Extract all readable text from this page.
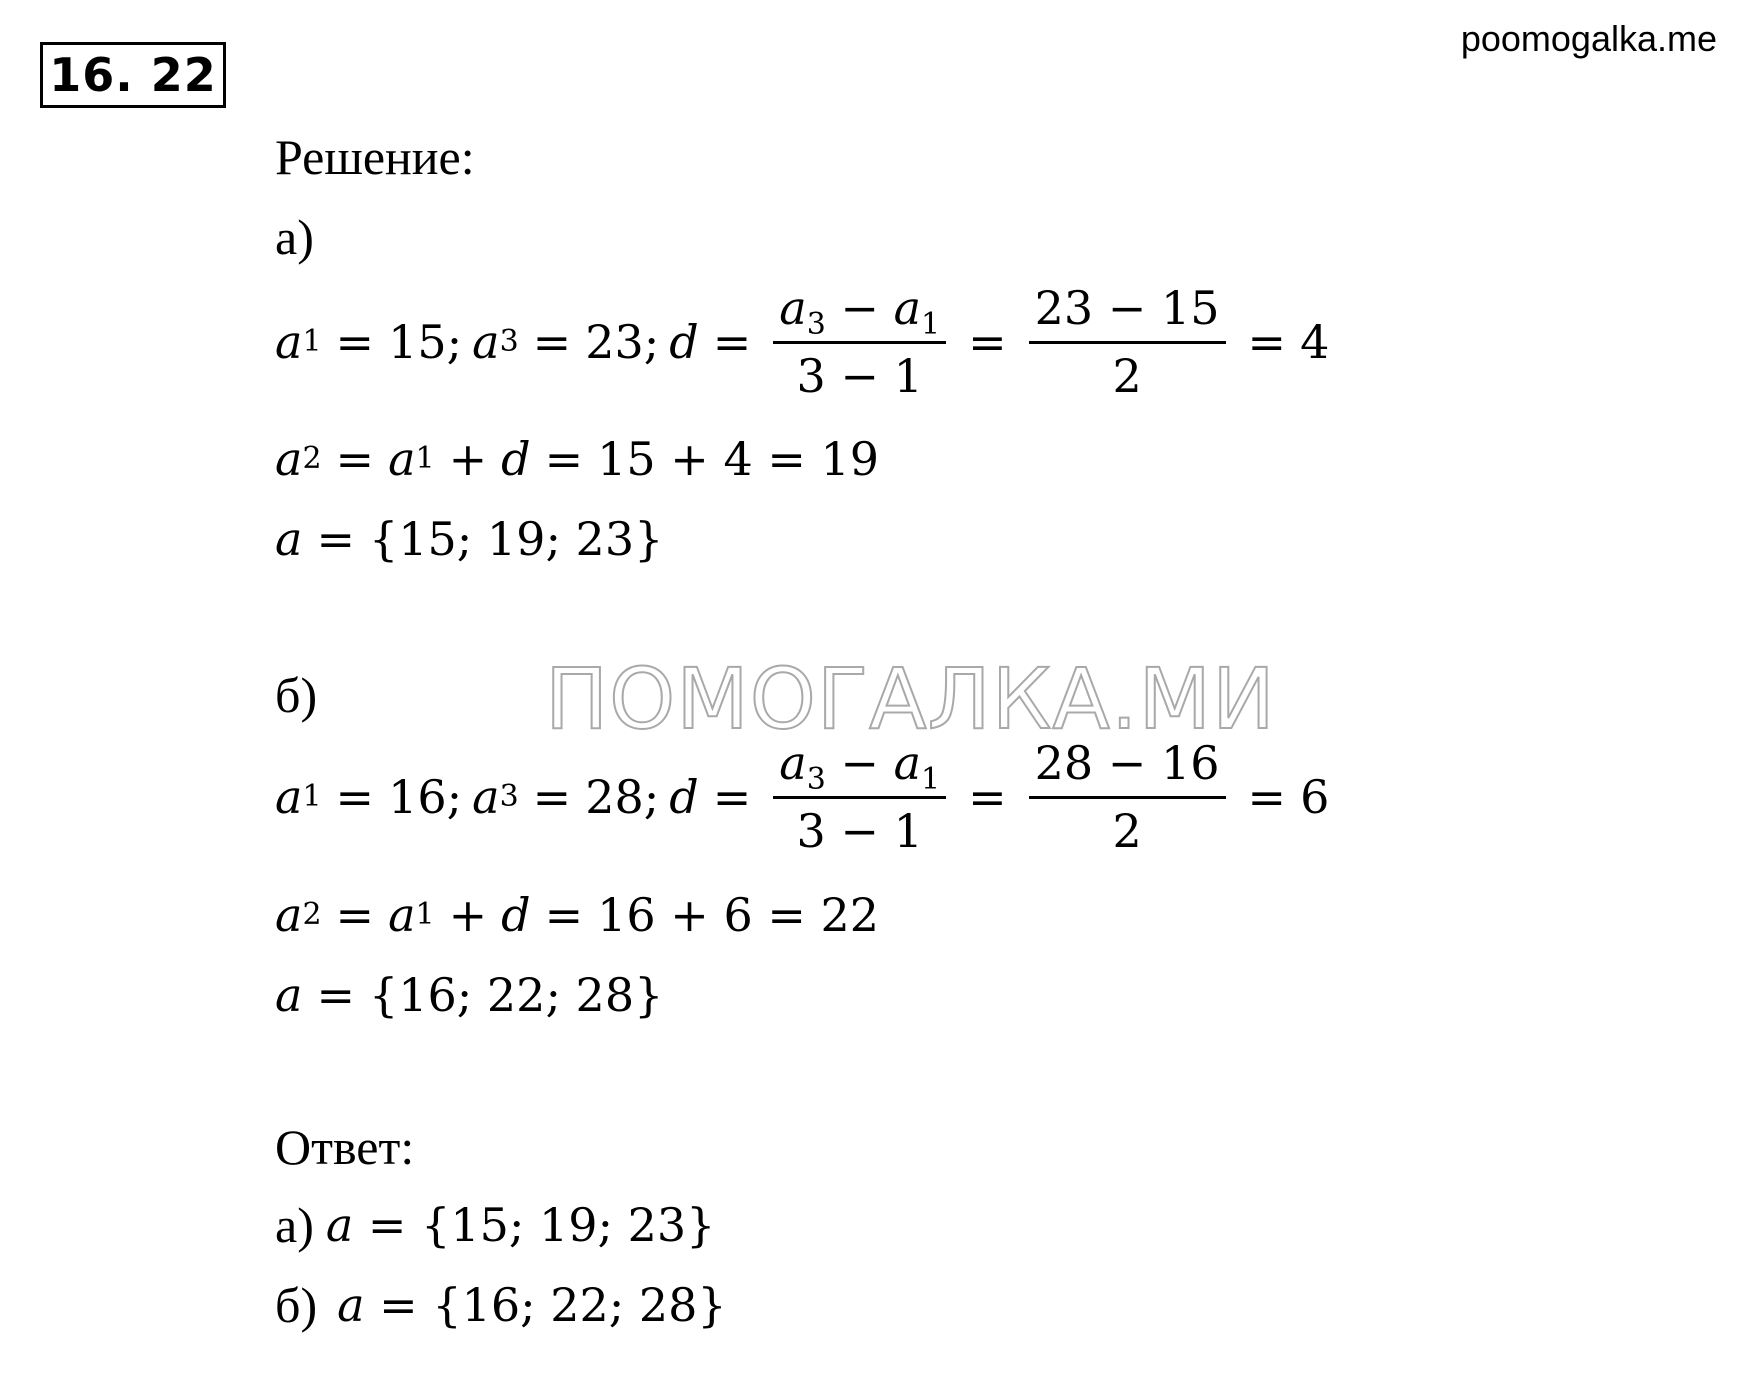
16. 22
poomogalka.me
ПОМОГАЛКА.МИ
Решение:
а)
a 1 = 15 ; a 3 = 23 ; $d = \frac{a_3 - a_1}{3 - 1} = \frac{23 - 15}{2} = 4$
a 2 = a 1 + d = 15 + 4 = 19
a = {15; 19; 23}
б)
a 1 = 16 ; a 3 = 28 ; $d = \frac{a_3 - a_1}{3 - 1} = \frac{28 - 16}{2} = 6$
a 2 = a 1 + d = 16 + 6 = 22
a = {16; 22; 28}
Ответ:
а) a = {15; 19; 23}
б) a = {16; 22; 28}
